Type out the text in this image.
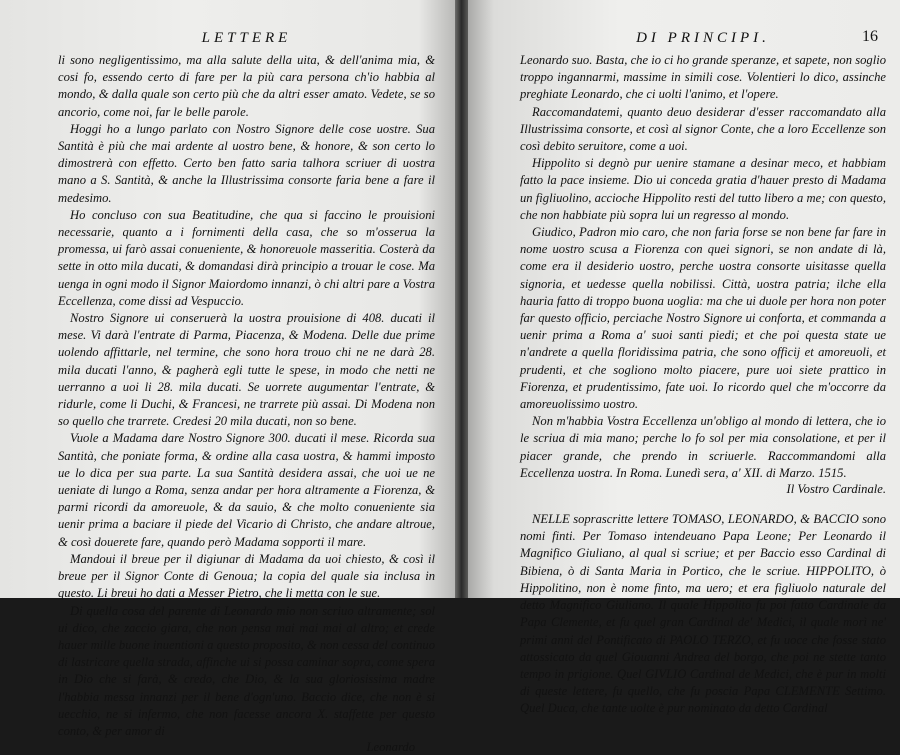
LETTERE

li sono negligentissimo, ma alla salute della uita, & dell'anima mia, & cosi fo, essendo certo di fare per la più cara persona ch'io habbia al mondo, & dalla quale son certo più che da altri esser amato. Vedete, se so ancorio, come noi, far le belle parole.

Hoggi ho a lungo parlato con Nostro Signore delle cose uostre. Sua Santità è più che mai ardente al uostro bene, & honore, & son certo lo dimostrerà con effetto. Certo ben fatto saria talhora scriuer di uostra mano a S. Santità, & anche la Illustrissima consorte faria bene a fare il medesimo.

Ho concluso con sua Beatitudine, che qua si faccino le prouisioni necessarie, quanto a i fornimenti della casa, che so m'osserua la promessa, ui farò assai conueniente, & honoreuole masseritia. Costerà da sette in otto mila ducati, & domandasi dirà principio a trouar le cose. Ma uenga in ogni modo il Signor Maiordomo innanzi, ò chi altri pare a Vostra Eccellenza, come dissi ad Vespuccio.

Nostro Signore ui conseruerà la uostra prouisione di 408. ducati il mese. Vi darà l'entrate di Parma, Piacenza, & Modena. Delle due prime uolendo affittarle, nel termine, che sono hora trouo chi ne ne darà 28. mila ducati l'anno, & pagherà egli tutte le spese, in modo che netti ne uerranno a uoi li 28. mila ducati. Se uorrete augumentar l'entrate, & ridurle, come li Duchi, & Francesi, ne trarrete più assai. Di Modena non so quello che trarrete. Credesi 20 mila ducati, non so bene.

Vuole a Madama dare Nostro Signore 300. ducati il mese. Ricorda sua Santità, che poniate forma, & ordine alla casa uostra, & hammi imposto ue lo dica per sua parte. La sua Santità desidera assai, che uoi ue ne ueniate di lungo a Roma, senza andar per hora altramente a Fiorenza, & parmi ricordi da amoreuole, & da sauio, & che molto conueniente sia uenir prima a baciare il piede del Vicario di Christo, che andare altroue, & così douerete fare, quando però Madama sopporti il mare.

Mandoui il breue per il digiunar di Madama da uoi chiesto, & così il breue per il Signor Conte di Genoua; la copia del quale sia inclusa in questo. Li breui ho dati a Messer Pietro, che li metta con le sue.

Di quella cosa del parente di Leonardo mio non scriuo altramente; sol ui dico, che zaccio giara, che non pensa mai mai mai al altro; et crede hauer mille buone inuentioni a questo proposito, & non cessa del continuo di lastricare quella strada, affinche ui si possa caminar sopra, come spera in Dio che si farà, & credo, che Dio, & la sua gloriosissima madre l'habbia messa innanzi per il bene d'ogn'uno. Baccio dice, che non è si uecchio, ne si infermo, che non facesse ancora X. staffette per questo conto, & per amor di

Leonardo
DI PRINCIPI.	16

Leonardo suo. Basta, che io ci ho grande speranze, et sapete, non soglio troppo ingannarmi, massime in simili cose. Volentieri lo dico, assinche preghiate Leonardo, che ci uolti l'animo, et l'opere.

Raccomandatemi, quanto deuo desiderar d'esser raccomandato alla Illustrissima consorte, et così al signor Conte, che a loro Eccellenze son così debito seruitore, come a uoi.

Hippolito si degnò pur uenire stamane a desinar meco, et habbiam fatto la pace insieme. Dio ui conceda gratia d'hauer presto di Madama un figliuolino, accioche Hippolito resti del tutto libero a me; con questo, che non habbiate più sopra lui un regresso al mondo.

Giudico, Padron mio caro, che non faria forse se non bene far fare in nome uostro scusa a Fiorenza con quei signori, se non andate di là, come era il desiderio uostro, perche uostra consorte uisitasse quella signoria, et uedesse quella nobilissi. Città, uostra patria; ilche ella hauria fatto di troppo buona uoglia: ma che ui duole per hora non poter far questo officio, perciache Nostro Signore ui conforta, et commanda a uenir prima a Roma a' suoi santi piedi; et che poi questa state ue n'andrete a quella floridissima patria, che sono officij et amoreuoli, et prudenti, et che sogliono molto piacere, pure uoi siete prattico in Fiorenza, et prudentissimo, fate uoi. Io ricordo quel che m'occorre da amoreuolissimo uostro.

Non m'habbia Vostra Eccellenza un'obligo al mondo di lettera, che io le scriua di mia mano; perche lo fo sol per mia consolatione, et per il piacer grande, che prendo in scriuerle. Raccommandomi alla Eccellenza uostra. In Roma. Lunedì sera, a' XII. di Marzo. 1515.

Il Vostro Cardinale.

NELLE soprascritte lettere TOMASO, LEONARDO, & BACCIO sono nomi finti. Per Tomaso intendeuano Papa Leone; Per Leonardo il Magnifico Giuliano, al qual si scriue; et per Baccio esso Cardinal di Bibiena, ò di Santa Maria in Portico, che le scriue. HIPPOLITO, ò Hippolitino, non è nome finto, ma uero; et era figliuolo naturale del detto Magnifico Giuliano. Il quale Hippolito fu poi fatto Cardinale da Papa Clemente, et fu quel gran Cardinal de' Medici, il quale morì ne' primi anni del Pontificato di PAOLO TERZO, et fu uoce che fosse stato attossicato da quel Giouanni Andrea del borgo, che poi ne stette tanto tempo in prigione. Quel GIVLIO Cardinal de Medici, che è pur in molti di queste lettere, fu quello, che fu poscia Papa CLEMENTE Settimo. Quel Duca, che tante uolte è pur nominato da detto Cardinal
